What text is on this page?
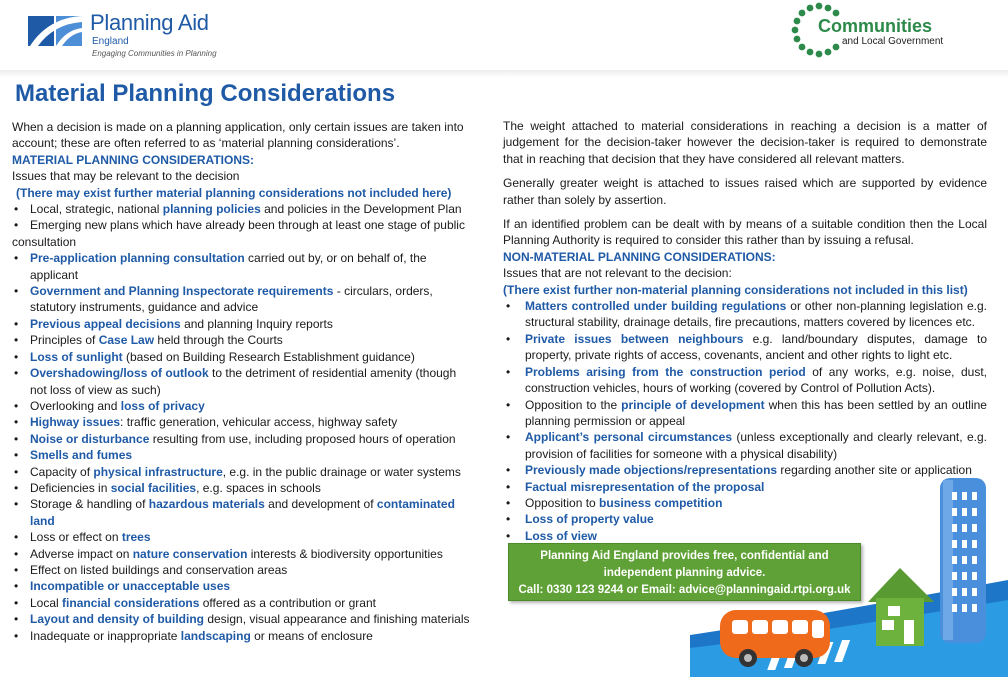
Planning Aid
England
Engaging Communities in Planning
Communities
and Local Government
Material Planning Considerations

When a decision is made on a planning application, only certain issues are taken into account; these are often referred to as ‘material planning considerations’.

MATERIAL PLANNING CONSIDERATIONS:

Issues that may be relevant to the decision

(There may exist further material planning considerations not included here)

• Local, strategic, national planning policies and policies in the Development Plan
• Emerging new plans which have already been through at least one stage of public consultation
• Pre-application planning consultation carried out by, or on behalf of, the applicant
• Government and Planning Inspectorate requirements - circulars, orders, statutory instruments, guidance and advice
• Previous appeal decisions and planning Inquiry reports
• Principles of Case Law held through the Courts
• Loss of sunlight (based on Building Research Establishment guidance)
• Overshadowing/loss of outlook to the detriment of residential amenity (though not loss of view as such)
• Overlooking and loss of privacy
• Highway issues: traffic generation, vehicular access, highway safety
• Noise or disturbance resulting from use, including proposed hours of operation
• Smells and fumes
• Capacity of physical infrastructure, e.g. in the public drainage or water systems
• Deficiencies in social facilities, e.g. spaces in schools
• Storage & handling of hazardous materials and development of contaminated land
• Loss or effect on trees
• Adverse impact on nature conservation interests & biodiversity opportunities
• Effect on listed buildings and conservation areas
• Incompatible or unacceptable uses
• Local financial considerations offered as a contribution or grant
• Layout and density of building design, visual appearance and finishing materials
• Inadequate or inappropriate landscaping or means of enclosure

The weight attached to material considerations in reaching a decision is a matter of judgement for the decision-taker however the decision-taker is required to demonstrate that in reaching that decision that they have considered all relevant matters.

Generally greater weight is attached to issues raised which are supported by evidence rather than solely by assertion.

If an identified problem can be dealt with by means of a suitable condition then the Local Planning Authority is required to consider this rather than by issuing a refusal.

NON-MATERIAL PLANNING CONSIDERATIONS:

Issues that are not relevant to the decision:

(There exist further non-material planning considerations not included in this list)

• Matters controlled under building regulations or other non-planning legislation e.g. structural stability, drainage details, fire precautions, matters covered by licences etc.
• Private issues between neighbours e.g. land/boundary disputes, damage to property, private rights of access, covenants, ancient and other rights to light etc.
• Problems arising from the construction period of any works, e.g. noise, dust, construction vehicles, hours of working (covered by Control of Pollution Acts).
• Opposition to the principle of development when this has been settled by an outline planning permission or appeal
• Applicant’s personal circumstances (unless exceptionally and clearly relevant, e.g. provision of facilities for someone with a physical disability)
• Previously made objections/representations regarding another site or application
• Factual misrepresentation of the proposal
• Opposition to business competition
• Loss of property value
• Loss of view
Planning Aid England provides free, confidential and
independent planning advice.
Call: 0330 123 9244 or Email: advice@planningaid.rtpi.org.uk
